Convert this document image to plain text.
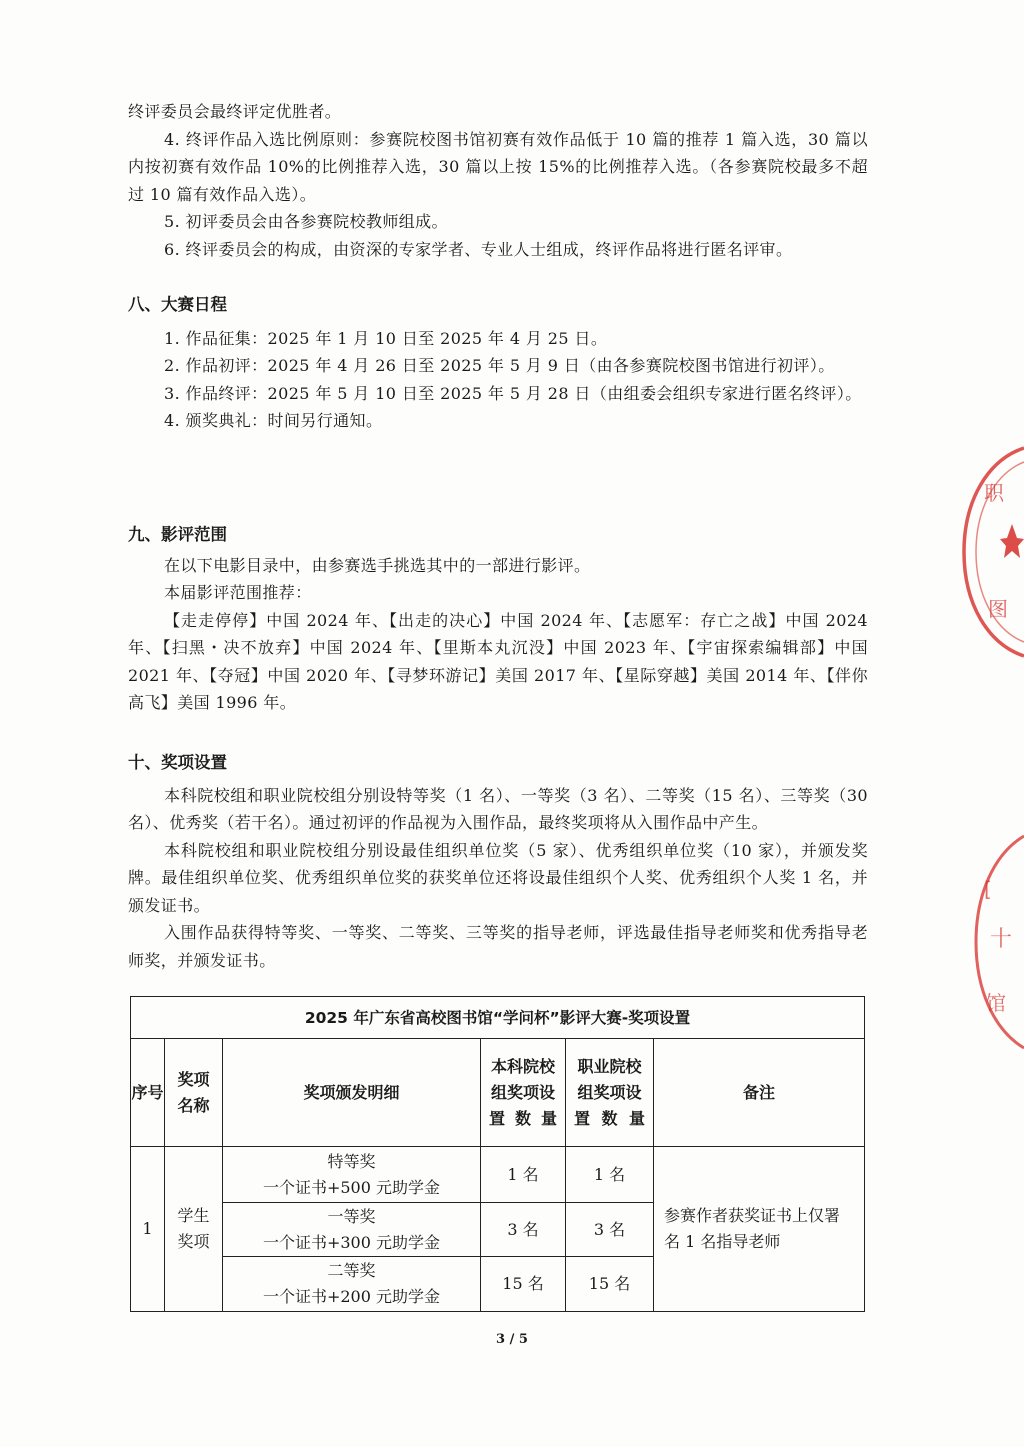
终评委员会最终评定优胜者。

4. 终评作品入选比例原则：参赛院校图书馆初赛有效作品低于 10 篇的推荐 1 篇入选，30 篇以内按初赛有效作品 10%的比例推荐入选，30 篇以上按 15%的比例推荐入选。（各参赛院校最多不超过 10 篇有效作品入选）。

5. 初评委员会由各参赛院校教师组成。

6. 终评委员会的构成，由资深的专家学者、专业人士组成，终评作品将进行匿名评审。

八、大赛日程

1. 作品征集：2025 年 1 月 10 日至 2025 年 4 月 25 日。

2. 作品初评：2025 年 4 月 26 日至 2025 年 5 月 9 日（由各参赛院校图书馆进行初评）。

3. 作品终评：2025 年 5 月 10 日至 2025 年 5 月 28 日（由组委会组织专家进行匿名终评）。

4. 颁奖典礼：时间另行通知。

九、影评范围

在以下电影目录中，由参赛选手挑选其中的一部进行影评。

本届影评范围推荐：

【走走停停】中国 2024 年、【出走的决心】中国 2024 年、【志愿军：存亡之战】中国 2024 年、【扫黑・决不放弃】中国 2024 年、【里斯本丸沉没】中国 2023 年、【宇宙探索编辑部】中国 2021 年、【夺冠】中国 2020 年、【寻梦环游记】美国 2017 年、【星际穿越】美国 2014 年、【伴你高飞】美国 1996 年。

十、奖项设置

本科院校组和职业院校组分别设特等奖（1 名）、一等奖（3 名）、二等奖（15 名）、三等奖（30 名）、优秀奖（若干名）。通过初评的作品视为入围作品，最终奖项将从入围作品中产生。

本科院校组和职业院校组分别设最佳组织单位奖（5 家）、优秀组织单位奖（10 家），并颁发奖牌。最佳组织单位奖、优秀组织单位奖的获奖单位还将设最佳组织个人奖、优秀组织个人奖 1 名，并颁发证书。

入围作品获得特等奖、一等奖、二等奖、三等奖的指导老师，评选最佳指导老师奖和优秀指导老师奖，并颁发证书。

2025 年广东省高校图书馆“学问杯”影评大赛-奖项设置					
序号	奖项名称	奖项颁发明细	本科院校组奖项设置数量	职业院校组奖项设置数量	备注
1	学生奖项	特等奖
一个证书+500 元助学金	1 名	1 名	参赛作者获奖证书上仅署名 1 名指导老师

		一等奖
一个证书+300 元助学金	3 名	3 名	

		二等奖
一个证书+200 元助学金	15 名	15 名	
3 / 5
职
图
[
十
馆
